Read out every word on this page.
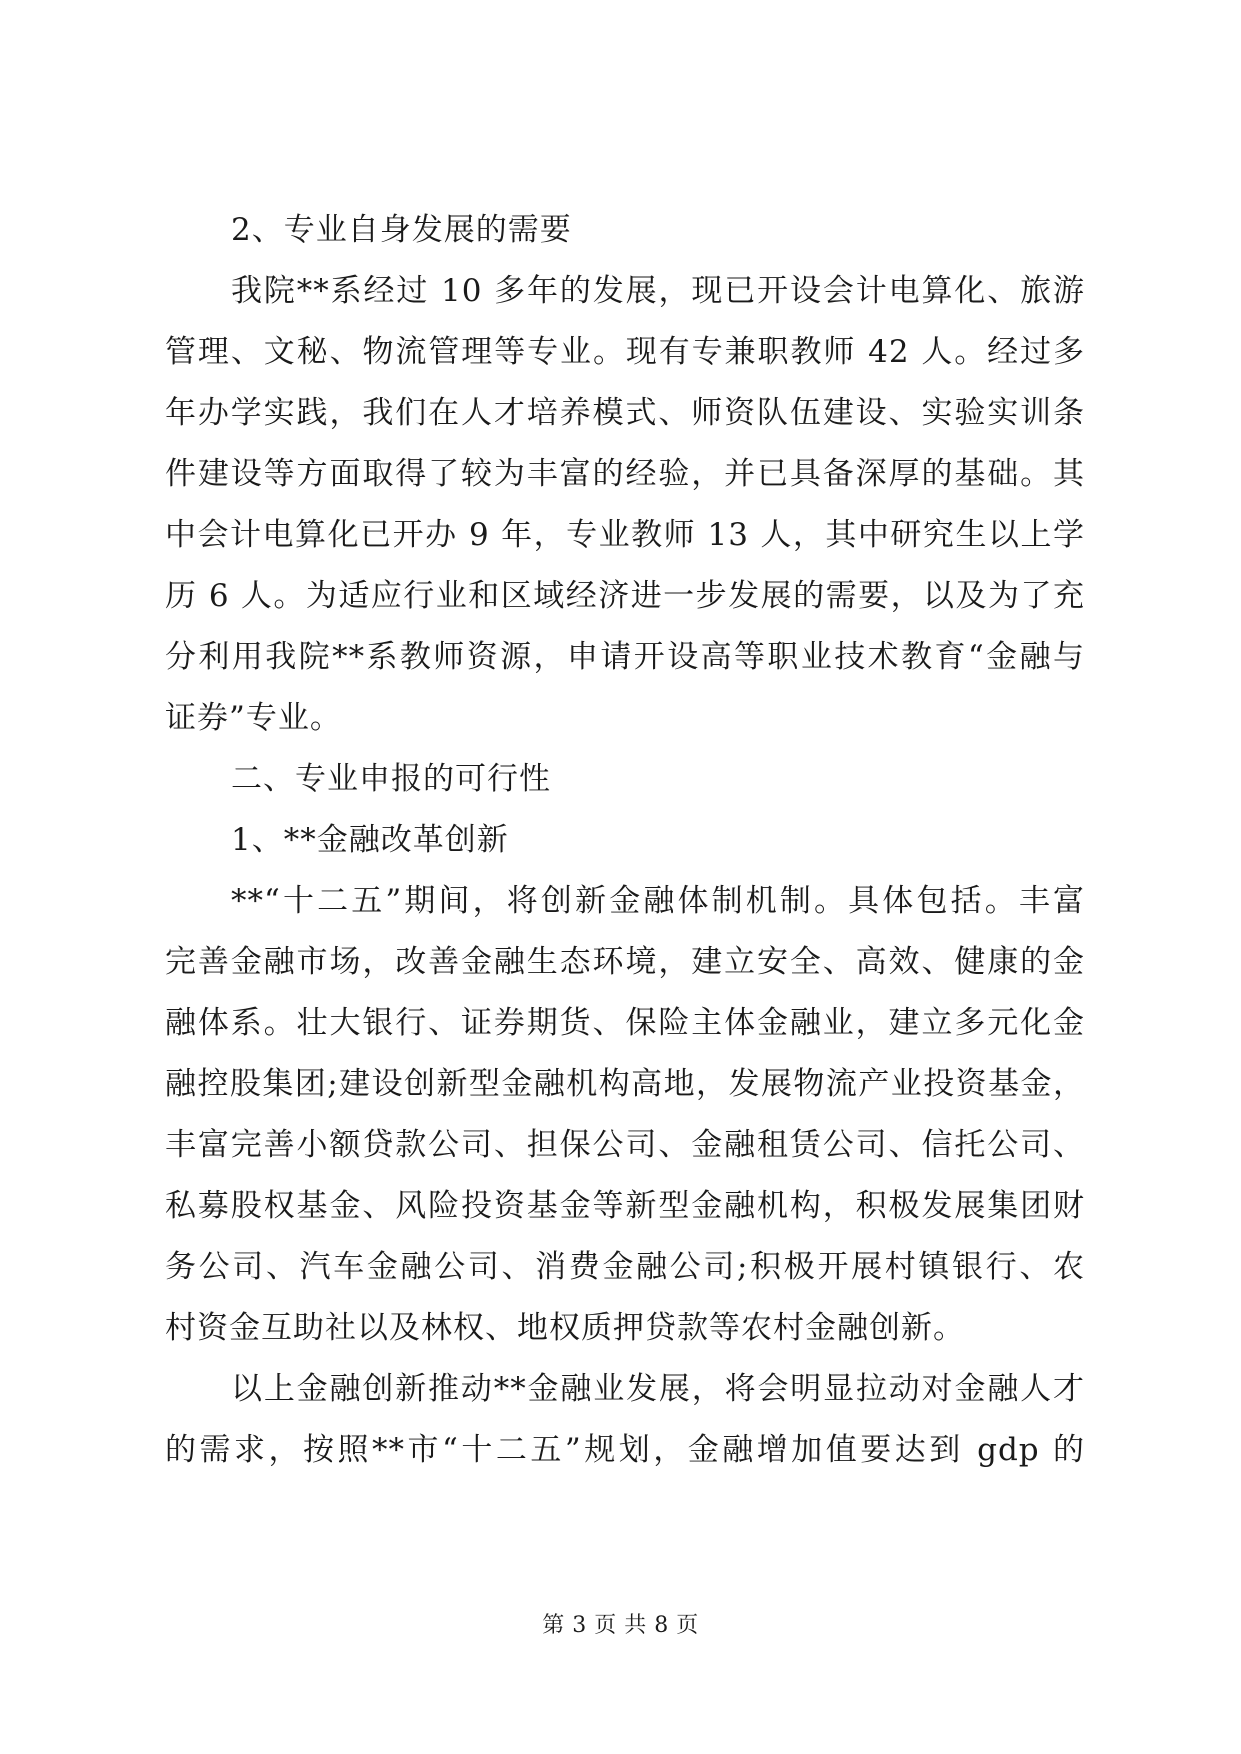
2、专业自身发展的需要
我院**系经过 10 多年的发展，现已开设会计电算化、旅游
管理、文秘、物流管理等专业。现有专兼职教师 42 人。经过多
年办学实践，我们在人才培养模式、师资队伍建设、实验实训条
件建设等方面取得了较为丰富的经验，并已具备深厚的基础。其
中会计电算化已开办 9 年，专业教师 13 人，其中研究生以上学
历 6 人。为适应行业和区域经济进一步发展的需要，以及为了充
分利用我院**系教师资源，申请开设高等职业技术教育“金融与
证券”专业。
二、专业申报的可行性
1、**金融改革创新
**“十二五”期间，将创新金融体制机制。具体包括。丰富
完善金融市场，改善金融生态环境，建立安全、高效、健康的金
融体系。壮大银行、证券期货、保险主体金融业，建立多元化金
融控股集团;建设创新型金融机构高地，发展物流产业投资基金，
丰富完善小额贷款公司、担保公司、金融租赁公司、信托公司、
私募股权基金、风险投资基金等新型金融机构，积极发展集团财
务公司、汽车金融公司、消费金融公司;积极开展村镇银行、农
村资金互助社以及林权、地权质押贷款等农村金融创新。
以上金融创新推动**金融业发展，将会明显拉动对金融人才
的需求，按照**市“十二五”规划，金融增加值要达到 gdp 的
第 3 页 共 8 页
